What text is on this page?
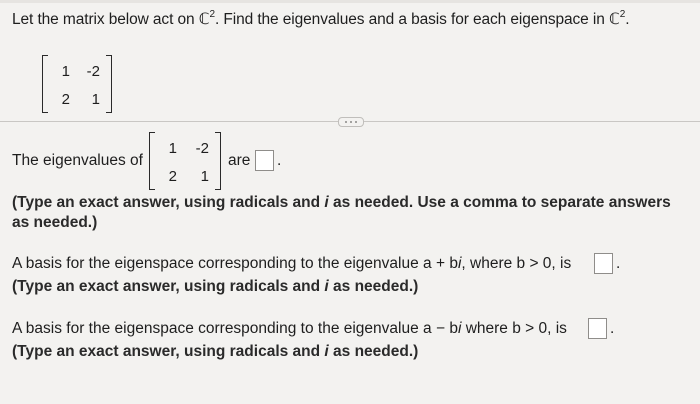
Let the matrix below act on ℂ$^2$. Find the eigenvalues and a basis for each eigenspace in ℂ$^2$.
1	-2
2	1
The eigenvalues of
1	-2
2	1
are .
(Type an exact answer, using radicals and i as needed. Use a comma to separate answers as needed.)
A basis for the eigenspace corresponding to the eigenvalue a + bi, where b > 0, is	.
(Type an exact answer, using radicals and i as needed.)
A basis for the eigenspace corresponding to the eigenvalue a − bi where b > 0, is	.
(Type an exact answer, using radicals and i as needed.)
